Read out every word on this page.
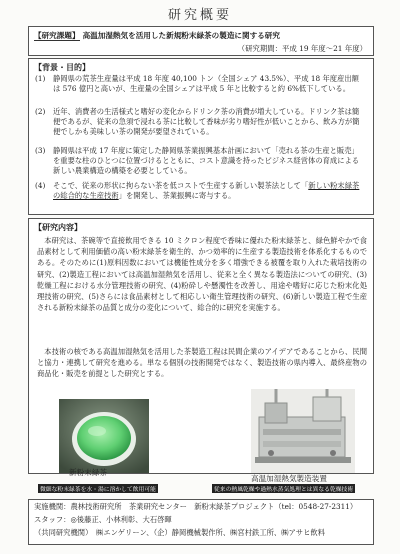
研究概要
【研究課題】 高温加湿熱気を活用した新規粉末緑茶の製造に関する研究
（研究期間：平成 19 年度～21 年度）
【背景・目的】
(1) 静岡県の荒茶生産量は平成 18 年度 40,100 トン（全国シェア 43.5%）、平成 18 年度産出額は 576 億円と高いが、生産量の全国シェアは平成 5 年と比較すると約 6%低下している。
(2) 近年、消費者の生活様式と嗜好の変化からドリンク茶の消費が増大している。ドリンク茶は簡便であるが、従来の急須で浸れる茶に比較して香味が劣り嗜好性が低いことから、飲み方が簡便でしかも美味しい茶の開発が要望されている。
(3) 静岡県は平成 17 年度に策定した静岡県茶業振興基本計画において「売れる茶の生産と販売」を重要な柱のひとつに位置づけるとともに、コスト意識を持ったビジネス経営体の育成による新しい農業構造の構築を必要としている。
(4) そこで、従来の形状に拘らない茶を低コストで生産する新しい製茶法として「新しい粉末緑茶の総合的な生産技術」を開発し、茶業振興に寄与する。
【研究内容】
本研究は、茶碗等で直接飲用できる 10 ミクロン程度で香味に優れた粉末緑茶と、緑色鮮やかで食品素材として利用価値の高い粉末緑茶を衛生的、かつ効率的に生産する製造技術を体系化するものである。そのために(1)原料因数においては機能性成分を多く増強できる被覆を取り入れた栽培技術の研究、(2)製造工程においては高温加湿熱気を活用し、従来と全く異なる製造法についての研究、(3)乾燥工程における水分管理技術の研究、(4)粉砕しや懸濁性を改善し、用途や嗜好に応じた粉末化処理技術の研究、(5)さらには食品素材として相応しい衛生管理技術の研究、(6)新しい製造工程で生産される新粉末緑茶の品質と成分の変化について、総合的に研究を実施する。
本技術の核である高温加湿熱気を活用した茶製造工程は民間企業のアイデアであることから、民間と協力・連携して研究を進める。単なる個別の技術開発ではなく、製造技術の県内導入、最終産物の商品化・販売を前提とした研究とする。
新粉末緑茶
高温加湿熱気製造装置
微細な粉末緑茶を水・湯に溶かして飲用可能	従来の熱風乾燥や過熱水蒸気処理とは異なる乾燥技術
実施機関：農林技術研究所　茶業研究センター　新粉末緑茶プロジェクト（tel：0548-27-2311）
スタッフ：◎後藤正、小林利彰、大石啓暉
（共同研究機関）　㈱エンゲリーン、（企）静岡機械製作所、㈱宮村鉄工所、㈱アサヒ飲料
